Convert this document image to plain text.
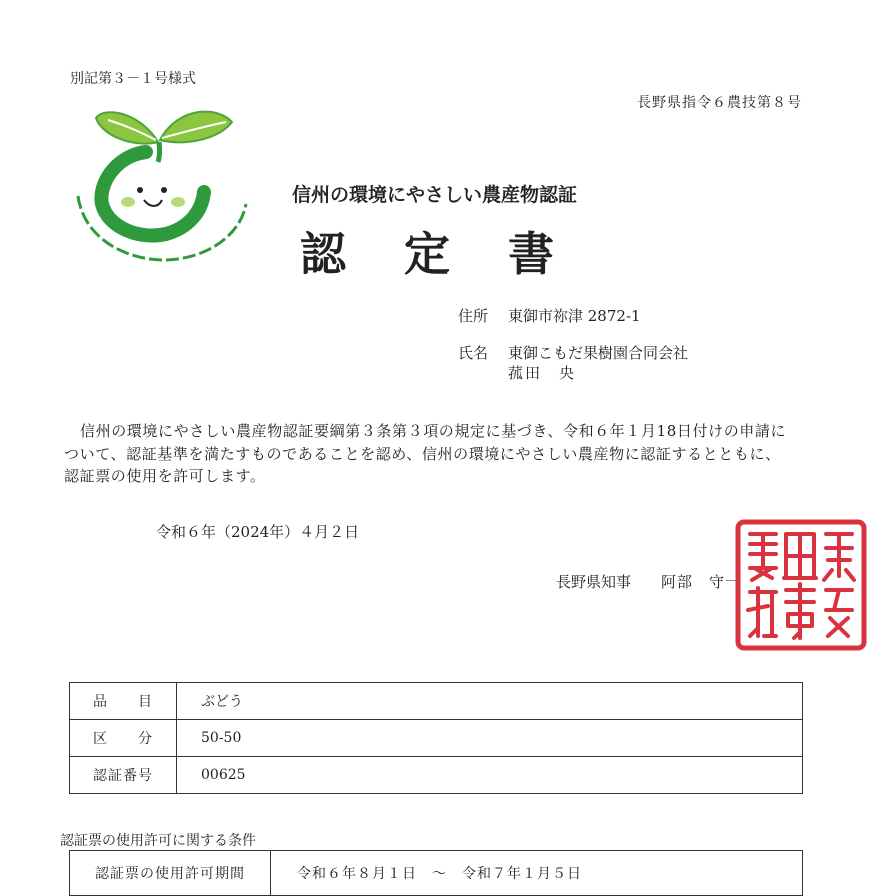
別記第３－１号様式
長野県指令６農技第８号
信州の環境にやさしい農産物認証
認定書
住所 東御市祢津 2872-1
氏名 東御こもだ果樹園合同会社
菰田　央
信州の環境にやさしい農産物認証要綱第３条第３項の規定に基づき、令和６年１月18日付けの申請について、認証基準を満たすものであることを認め、信州の環境にやさしい農産物に認証するとともに、認証票の使用を許可します。
令和６年（2024年）４月２日
長野県知事 阿部　守一
品　　目	ぶどう
区　　分	50-50
認証番号	00625
認証票の使用許可に関する条件
認証票の使用許可期間	令和６年８月１日　～　令和７年１月５日
